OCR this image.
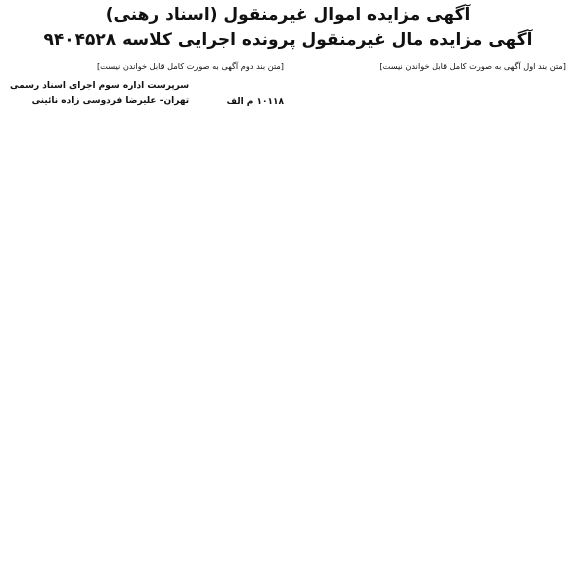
آگهی مزایده اموال غیرمنقول (اسناد رهنی)
آگهی مزایده مال غیرمنقول پرونده اجرایی کلاسه ۹۴۰۴۵۲۸

[متن بند اول آگهی به صورت کامل قابل خواندن نیست]

[متن بند دوم آگهی به صورت کامل قابل خواندن نیست]

۱۰۱۱۸ م الف
سرپرست اداره سوم اجرای اسناد رسمی
تهران- علیرضا فردوسی زاده نائینی
